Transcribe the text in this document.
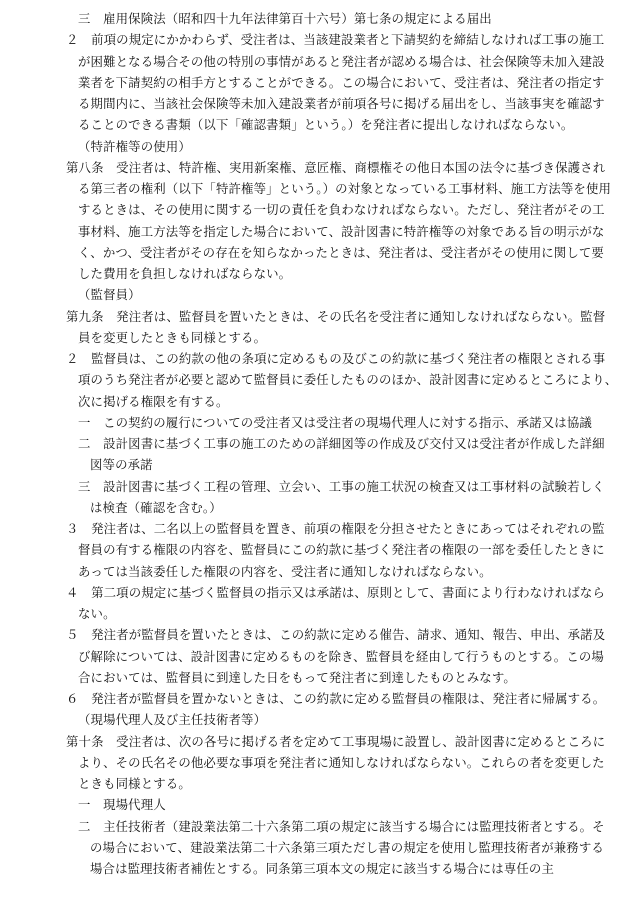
三　雇用保険法（昭和四十九年法律第百十六号）第七条の規定による届出
２　前項の規定にかかわらず、受注者は、当該建設業者と下請契約を締結しなければ工事の施工
が困難となる場合その他の特別の事情があると発注者が認める場合は、社会保険等未加入建設
業者を下請契約の相手方とすることができる。この場合において、受注者は、発注者の指定す
る期間内に、当該社会保険等未加入建設業者が前項各号に掲げる届出をし、当該事実を確認す
ることのできる書類（以下「確認書類」という。）を発注者に提出しなければならない。
（特許権等の使用）
第八条　受注者は、特許権、実用新案権、意匠権、商標権その他日本国の法令に基づき保護され
る第三者の権利（以下「特許権等」という。）の対象となっている工事材料、施工方法等を使用
するときは、その使用に関する一切の責任を負わなければならない。ただし、発注者がその工
事材料、施工方法等を指定した場合において、設計図書に特許権等の対象である旨の明示がな
く、かつ、受注者がその存在を知らなかったときは、発注者は、受注者がその使用に関して要
した費用を負担しなければならない。
（監督員）
第九条　発注者は、監督員を置いたときは、その氏名を受注者に通知しなければならない。監督
員を変更したときも同様とする。
２　監督員は、この約款の他の条項に定めるもの及びこの約款に基づく発注者の権限とされる事
項のうち発注者が必要と認めて監督員に委任したもののほか、設計図書に定めるところにより、
次に掲げる権限を有する。
一　この契約の履行についての受注者又は受注者の現場代理人に対する指示、承諾又は協議
二　設計図書に基づく工事の施工のための詳細図等の作成及び交付又は受注者が作成した詳細
図等の承諾
三　設計図書に基づく工程の管理、立会い、工事の施工状況の検査又は工事材料の試験若しく
は検査（確認を含む。）
３　発注者は、二名以上の監督員を置き、前項の権限を分担させたときにあってはそれぞれの監
督員の有する権限の内容を、監督員にこの約款に基づく発注者の権限の一部を委任したときに
あっては当該委任した権限の内容を、受注者に通知しなければならない。
４　第二項の規定に基づく監督員の指示又は承諾は、原則として、書面により行わなければなら
ない。
５　発注者が監督員を置いたときは、この約款に定める催告、請求、通知、報告、申出、承諾及
び解除については、設計図書に定めるものを除き、監督員を経由して行うものとする。この場
合においては、監督員に到達した日をもって発注者に到達したものとみなす。
６　発注者が監督員を置かないときは、この約款に定める監督員の権限は、発注者に帰属する。
（現場代理人及び主任技術者等）
第十条　受注者は、次の各号に掲げる者を定めて工事現場に設置し、設計図書に定めるところに
より、その氏名その他必要な事項を発注者に通知しなければならない。これらの者を変更した
ときも同様とする。
一　現場代理人
二　主任技術者（建設業法第二十六条第二項の規定に該当する場合には監理技術者とする。そ
の場合において、建設業法第二十六条第三項ただし書の規定を使用し監理技術者が兼務する
場合は監理技術者補佐とする。同条第三項本文の規定に該当する場合には専任の主
